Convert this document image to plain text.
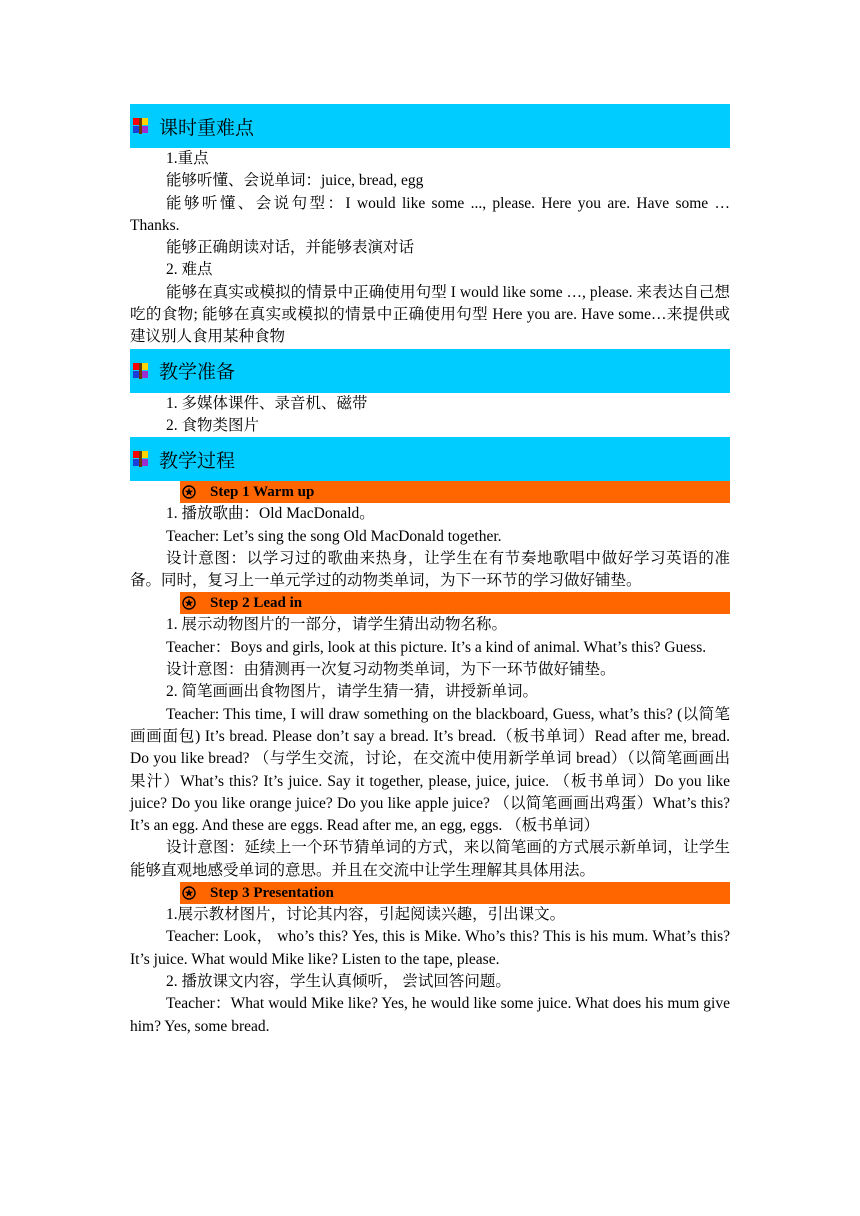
课时重难点

1.重点

能够听懂、会说单词：juice, bread, egg

能够听懂、会说句型：I would like some ..., please. Here you are. Have some … Thanks.

能够正确朗读对话，并能够表演对话

2. 难点

能够在真实或模拟的情景中正确使用句型 I would like some …, please. 来表达自己想吃的食物; 能够在真实或模拟的情景中正确使用句型 Here you are. Have some…来提供或建议别人食用某种食物

教学准备

1. 多媒体课件、录音机、磁带

2. 食物类图片

教学过程
Step 1 Warm up

1. 播放歌曲：Old MacDonald。

Teacher: Let’s sing the song Old MacDonald together.

设计意图：以学习过的歌曲来热身，让学生在有节奏地歌唱中做好学习英语的准备。同时，复习上一单元学过的动物类单词，为下一环节的学习做好铺垫。

Step 2 Lead in

1. 展示动物图片的一部分，请学生猜出动物名称。

Teacher：Boys and girls, look at this picture. It’s a kind of animal. What’s this? Guess.

设计意图：由猜测再一次复习动物类单词，为下一环节做好铺垫。

2. 简笔画画出食物图片，请学生猜一猜，讲授新单词。

Teacher: This time, I will draw something on the blackboard, Guess, what’s this? (以简笔画画面包) It’s bread. Please don’t say a bread. It’s bread.（板书单词）Read after me, bread. Do you like bread? （与学生交流，讨论，在交流中使用新学单词 bread）（以简笔画画出果汁）What’s this? It’s juice. Say it together, please, juice, juice. （板书单词）Do you like juice? Do you like orange juice? Do you like apple juice? （以简笔画画出鸡蛋）What’s this? It’s an egg. And these are eggs. Read after me, an egg, eggs. （板书单词）

设计意图：延续上一个环节猜单词的方式，来以简笔画的方式展示新单词，让学生能够直观地感受单词的意思。并且在交流中让学生理解其具体用法。

Step 3 Presentation

1.展示教材图片，讨论其内容，引起阅读兴趣，引出课文。

Teacher: Look， who’s this? Yes, this is Mike. Who’s this? This is his mum. What’s this? It’s juice. What would Mike like? Listen to the tape, please.

2. 播放课文内容，学生认真倾听， 尝试回答问题。

Teacher：What would Mike like? Yes, he would like some juice. What does his mum give him? Yes, some bread.
